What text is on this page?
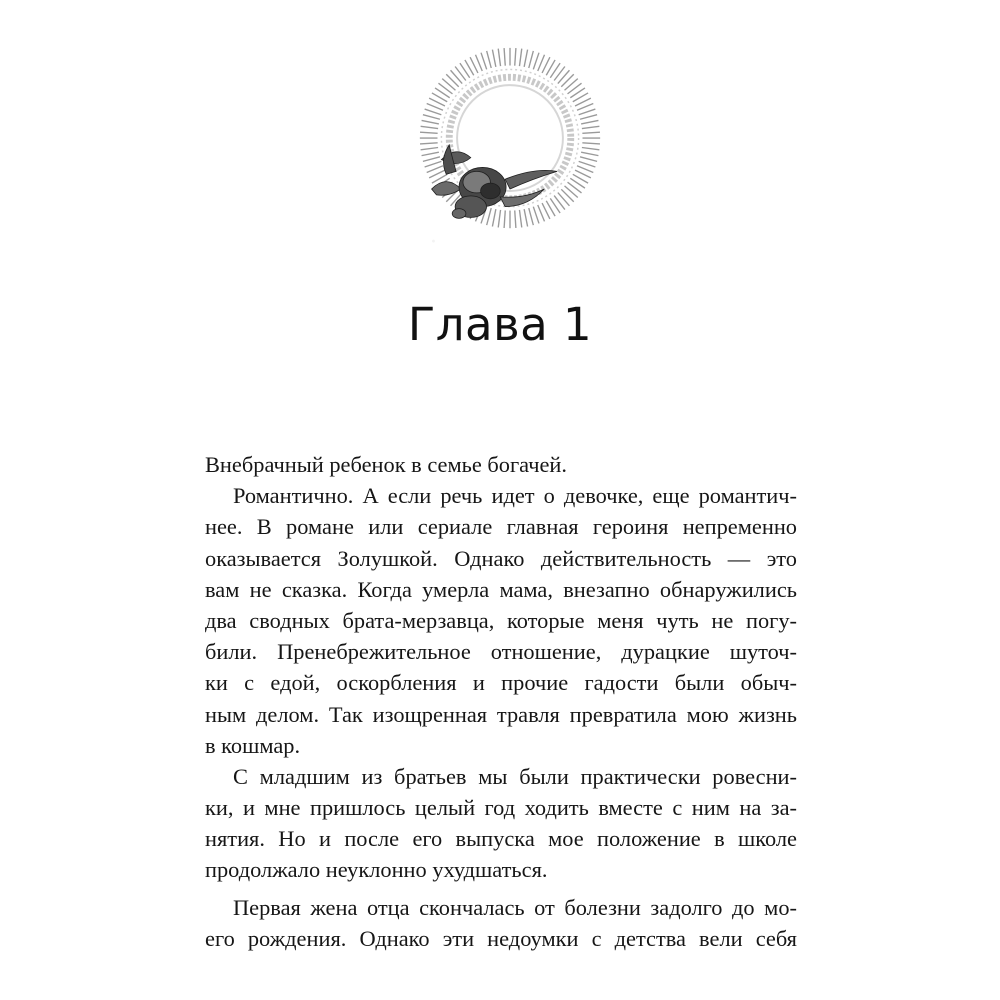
·
Глава 1
Внебрачный ребенок в семье богачей.
Романтично. А если речь идет о девочке, еще романтич-
нее. В романе или сериале главная героиня непременно
оказывается Золушкой. Однако действительность — это
вам не сказка. Когда умерла мама, внезапно обнаружились
два сводных брата-мерзавца, которые меня чуть не погу-
били. Пренебрежительное отношение, дурацкие шуточ-
ки с едой, оскорбления и прочие гадости были обыч-
ным делом. Так изощренная травля превратила мою жизнь
в кошмар.
С младшим из братьев мы были практически ровесни-
ки, и мне пришлось целый год ходить вместе с ним на за-
нятия. Но и после его выпуска мое положение в школе
продолжало неуклонно ухудшаться.
Первая жена отца скончалась от болезни задолго до мо-
его рождения. Однако эти недоумки с детства вели себя
